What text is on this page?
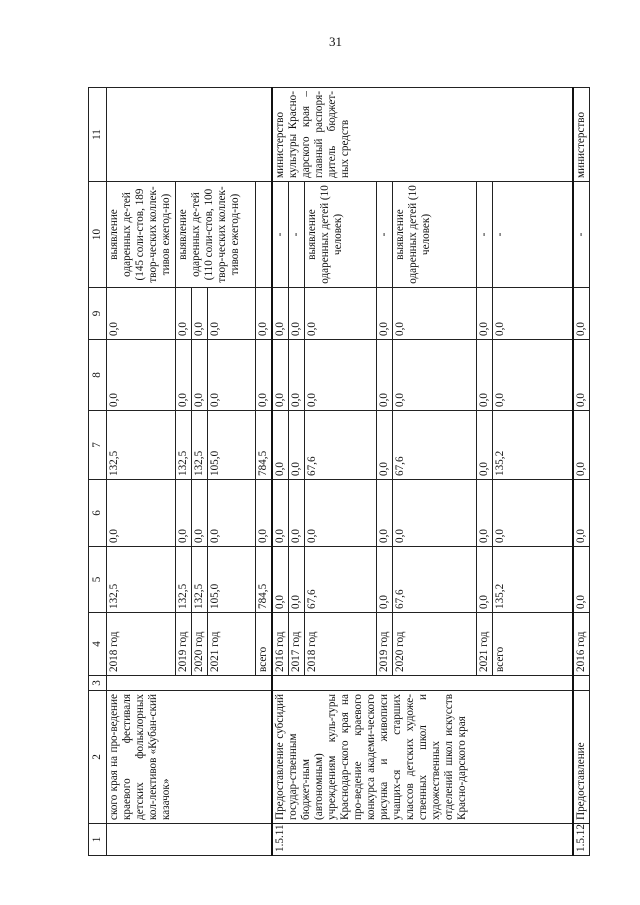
31
1	2	3	4	5	6	7	8	9	10	11
	ского края на про-ведение краевого фестиваля детских фольклорных кол-лективов «Кубан-ский казачок»		2018 год	132,5	0,0	132,5	0,0	0,0	выявление одаренных де-тей (145 соли-стов, 189 твор-ческих коллек-тивов ежегод-но)	
			2019 год	132,5	0,0	132,5	0,0	0,0	выявление одаренных де-тей (110 соли-стов, 100 твор-ческих коллек-тивов ежегод-но)	
			2020 год	132,5	0,0	132,5	0,0	0,0		
			2021 год	105,0	0,0	105,0	0,0	0,0		
			всего	784,5	0,0	784,5	0,0	0,0		
1.5.11	Предоставление субсидий государ-ственным бюджет-ным (автономным) учреждениям куль-туры Краснодар-ского края на про-ведение краевого конкурса академи-ческого рисунка и живописи учащих-ся старших классов детских художе-ственных школ и художественных отделений школ искусств Красно-дарского края		2016 год	0,0	0,0	0,0	0,0	0,0	-	министерство культуры Красно-дарского края – главный распоря-дитель бюджет-ных средств
			2017 год	0,0	0,0	0,0	0,0	0,0	-	
			2018 год	67,6	0,0	67,6	0,0	0,0	выявление одаренных детей (10 человек)	
			2019 год	0,0	0,0	0,0	0,0	0,0	-	
			2020 год	67,6	0,0	67,6	0,0	0,0	выявление одаренных детей (10 человек)	
			2021 год	0,0	0,0	0,0	0,0	0,0	-	
			всего	135,2	0,0	135,2	0,0	0,0	-	
1.5.12	Предоставление		2016 год	0,0	0,0	0,0	0,0	0,0	-	министерство
